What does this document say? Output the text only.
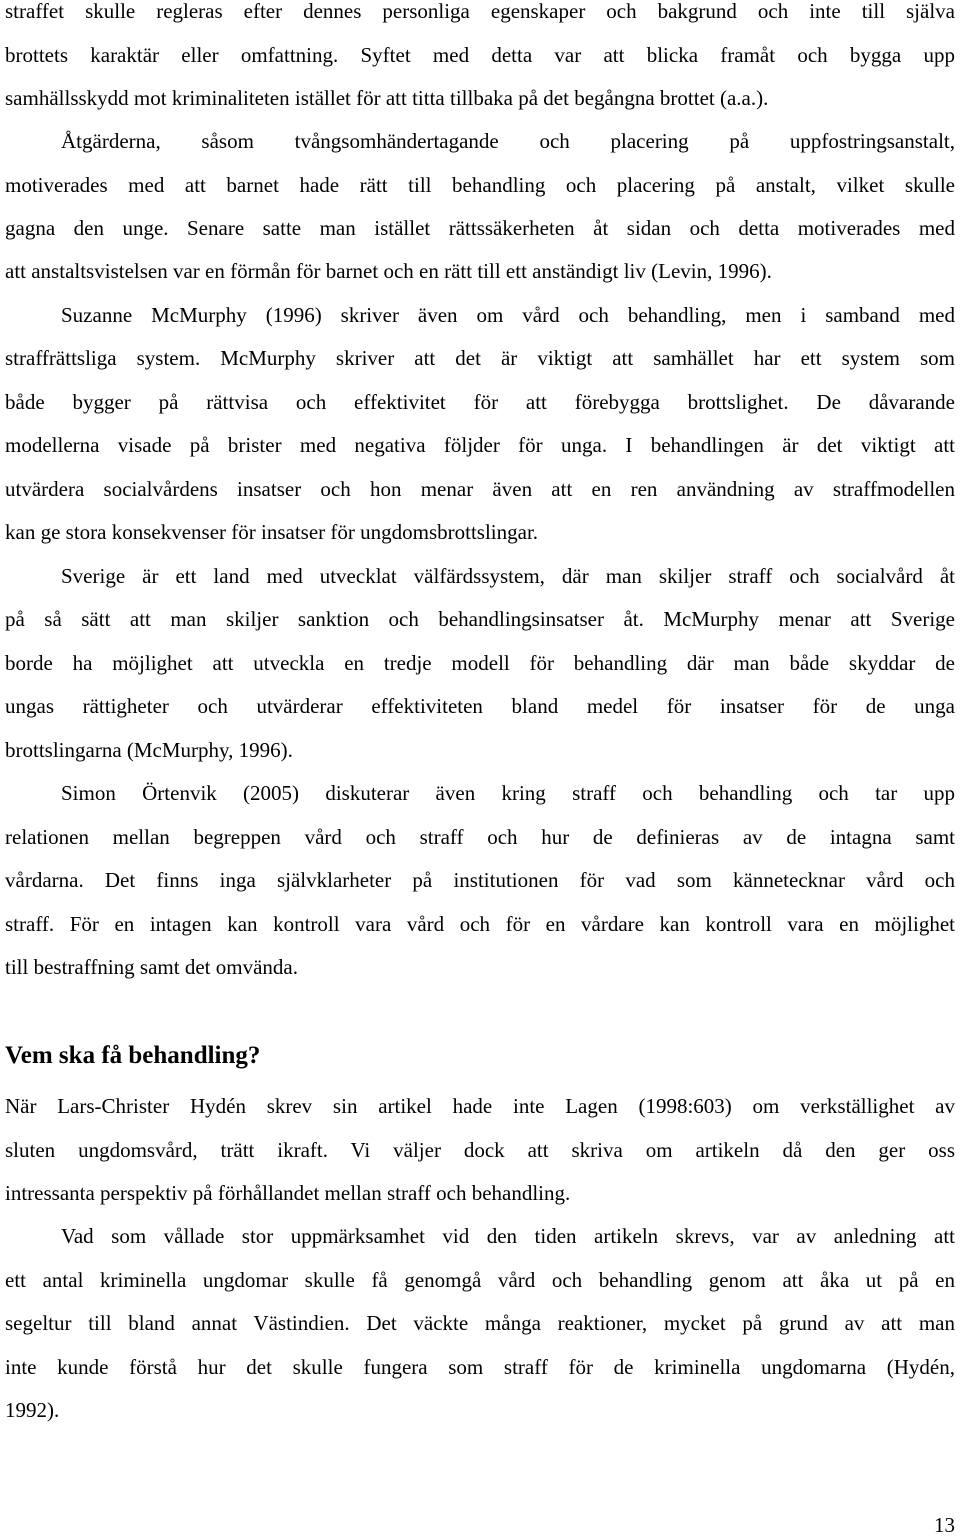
straffet skulle regleras efter dennes personliga egenskaper och bakgrund och inte till själva
brottets karaktär eller omfattning. Syftet med detta var att blicka framåt och bygga upp
samhällsskydd mot kriminaliteten istället för att titta tillbaka på det begångna brottet (a.a.).
Åtgärderna, såsom tvångsomhändertagande och placering på uppfostringsanstalt,
motiverades med att barnet hade rätt till behandling och placering på anstalt, vilket skulle
gagna den unge. Senare satte man istället rättssäkerheten åt sidan och detta motiverades med
att anstaltsvistelsen var en förmån för barnet och en rätt till ett anständigt liv (Levin, 1996).
Suzanne McMurphy (1996) skriver även om vård och behandling, men i samband med
straffrättsliga system. McMurphy skriver att det är viktigt att samhället har ett system som
både bygger på rättvisa och effektivitet för att förebygga brottslighet. De dåvarande
modellerna visade på brister med negativa följder för unga. I behandlingen är det viktigt att
utvärdera socialvårdens insatser och hon menar även att en ren användning av straffmodellen
kan ge stora konsekvenser för insatser för ungdomsbrottslingar.
Sverige är ett land med utvecklat välfärdssystem, där man skiljer straff och socialvård åt
på så sätt att man skiljer sanktion och behandlingsinsatser åt. McMurphy menar att Sverige
borde ha möjlighet att utveckla en tredje modell för behandling där man både skyddar de
ungas rättigheter och utvärderar effektiviteten bland medel för insatser för de unga
brottslingarna (McMurphy, 1996).
Simon Örtenvik (2005) diskuterar även kring straff och behandling och tar upp
relationen mellan begreppen vård och straff och hur de definieras av de intagna samt
vårdarna. Det finns inga självklarheter på institutionen för vad som kännetecknar vård och
straff. För en intagen kan kontroll vara vård och för en vårdare kan kontroll vara en möjlighet
till bestraffning samt det omvända.
Vem ska få behandling?
När Lars-Christer Hydén skrev sin artikel hade inte Lagen (1998:603) om verkställighet av
sluten ungdomsvård, trätt ikraft. Vi väljer dock att skriva om artikeln då den ger oss
intressanta perspektiv på förhållandet mellan straff och behandling.
Vad som vållade stor uppmärksamhet vid den tiden artikeln skrevs, var av anledning att
ett antal kriminella ungdomar skulle få genomgå vård och behandling genom att åka ut på en
segeltur till bland annat Västindien. Det väckte många reaktioner, mycket på grund av att man
inte kunde förstå hur det skulle fungera som straff för de kriminella ungdomarna (Hydén,
1992).
13
